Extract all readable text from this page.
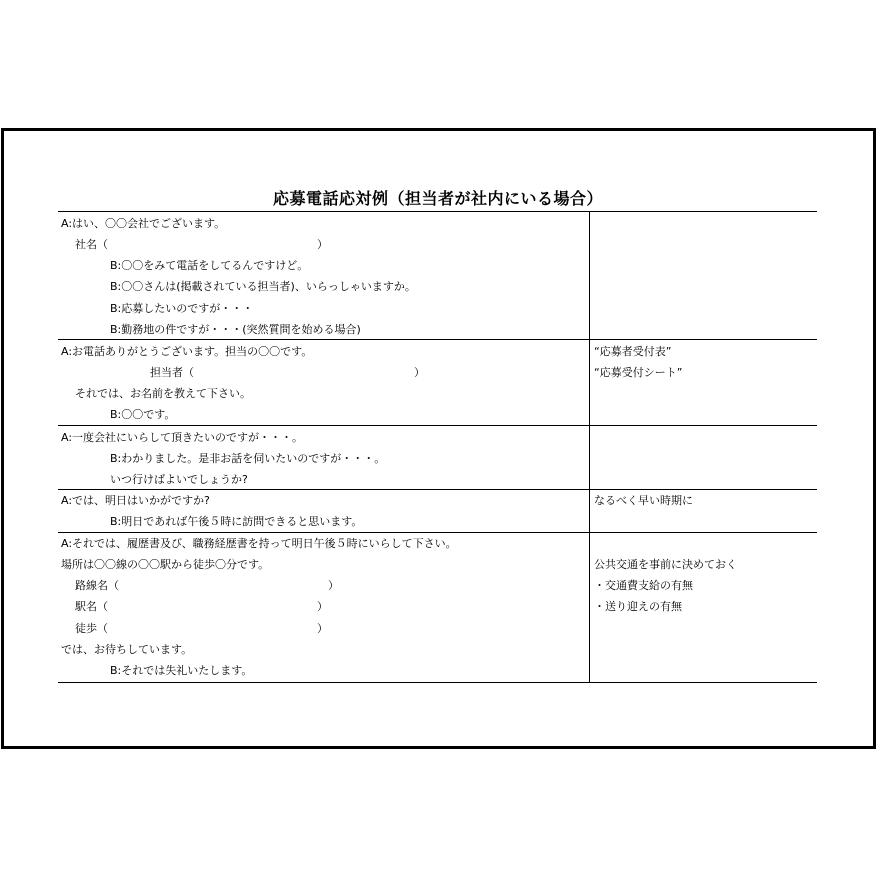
応募電話応対例（担当者が社内にいる場合）
A:はい、〇〇会社でございます。
社名（　　　　　　　　　　　　　　　　　　　）
B:〇〇をみて電話をしてるんですけど。
B:〇〇さんは(掲載されている担当者)、いらっしゃいますか。
B:応募したいのですが・・・
B:勤務地の件ですが・・・(突然質問を始める場合)
A:お電話ありがとうございます。担当の〇〇です。
担当者（　　　　　　　　　　　　　　　　　　　　）
それでは、お名前を教えて下さい。
B:〇〇です。
“応募者受付表”
“応募受付シート”
A:一度会社にいらして頂きたいのですが・・・。
B:わかりました。是非お話を伺いたいのですが・・・。
いつ行けばよいでしょうか?
A:では、明日はいかがですか?
B:明日であれば午後５時に訪問できると思います。
なるべく早い時期に
A:それでは、履歴書及び、職務経歴書を持って明日午後５時にいらして下さい。
場所は〇〇線の〇〇駅から徒歩〇分です。
路線名（　　　　　　　　　　　　　　　　　　　）
駅名（　　　　　　　　　　　　　　　　　　　）
徒歩（　　　　　　　　　　　　　　　　　　　）
では、お待ちしています。
B:それでは失礼いたします。
公共交通を事前に決めておく
・交通費支給の有無
・送り迎えの有無
